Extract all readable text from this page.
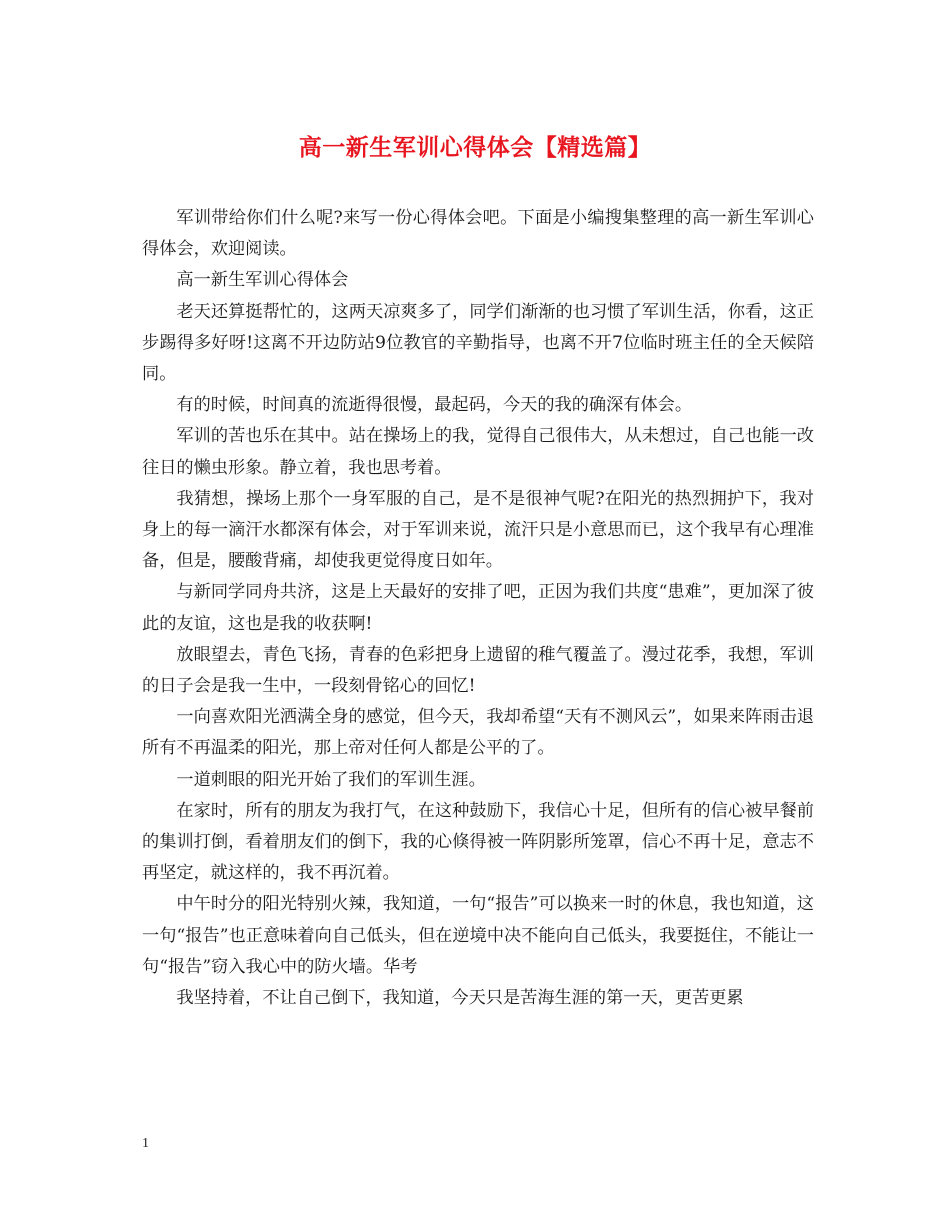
高一新生军训心得体会【精选篇】

军训带给你们什么呢?来写一份心得体会吧。下面是小编搜集整理的高一新生军训心得体会，欢迎阅读。

高一新生军训心得体会

老天还算挺帮忙的，这两天凉爽多了，同学们渐渐的也习惯了军训生活，你看，这正步踢得多好呀!这离不开边防站9位教官的辛勤指导，也离不开7位临时班主任的全天候陪同。

有的时候，时间真的流逝得很慢，最起码，今天的我的确深有体会。

军训的苦也乐在其中。站在操场上的我，觉得自己很伟大，从未想过，自己也能一改往日的懒虫形象。静立着，我也思考着。

我猜想，操场上那个一身军服的自己，是不是很神气呢?在阳光的热烈拥护下，我对身上的每一滴汗水都深有体会，对于军训来说，流汗只是小意思而已，这个我早有心理准备，但是，腰酸背痛，却使我更觉得度日如年。

与新同学同舟共济，这是上天最好的安排了吧，正因为我们共度“患难”，更加深了彼此的友谊，这也是我的收获啊!

放眼望去，青色飞扬，青春的色彩把身上遗留的稚气覆盖了。漫过花季，我想，军训的日子会是我一生中，一段刻骨铭心的回忆!

一向喜欢阳光洒满全身的感觉，但今天，我却希望“天有不测风云”，如果来阵雨击退所有不再温柔的阳光，那上帝对任何人都是公平的了。

一道刺眼的阳光开始了我们的军训生涯。

在家时，所有的朋友为我打气，在这种鼓励下，我信心十足，但所有的信心被早餐前的集训打倒，看着朋友们的倒下，我的心倏得被一阵阴影所笼罩，信心不再十足，意志不再坚定，就这样的，我不再沉着。

中午时分的阳光特别火辣，我知道，一句“报告”可以换来一时的休息，我也知道，这一句“报告”也正意味着向自己低头，但在逆境中决不能向自己低头，我要挺住，不能让一句“报告”窃入我心中的防火墙。华考

我坚持着，不让自己倒下，我知道，今天只是苦海生涯的第一天，更苦更累

1
